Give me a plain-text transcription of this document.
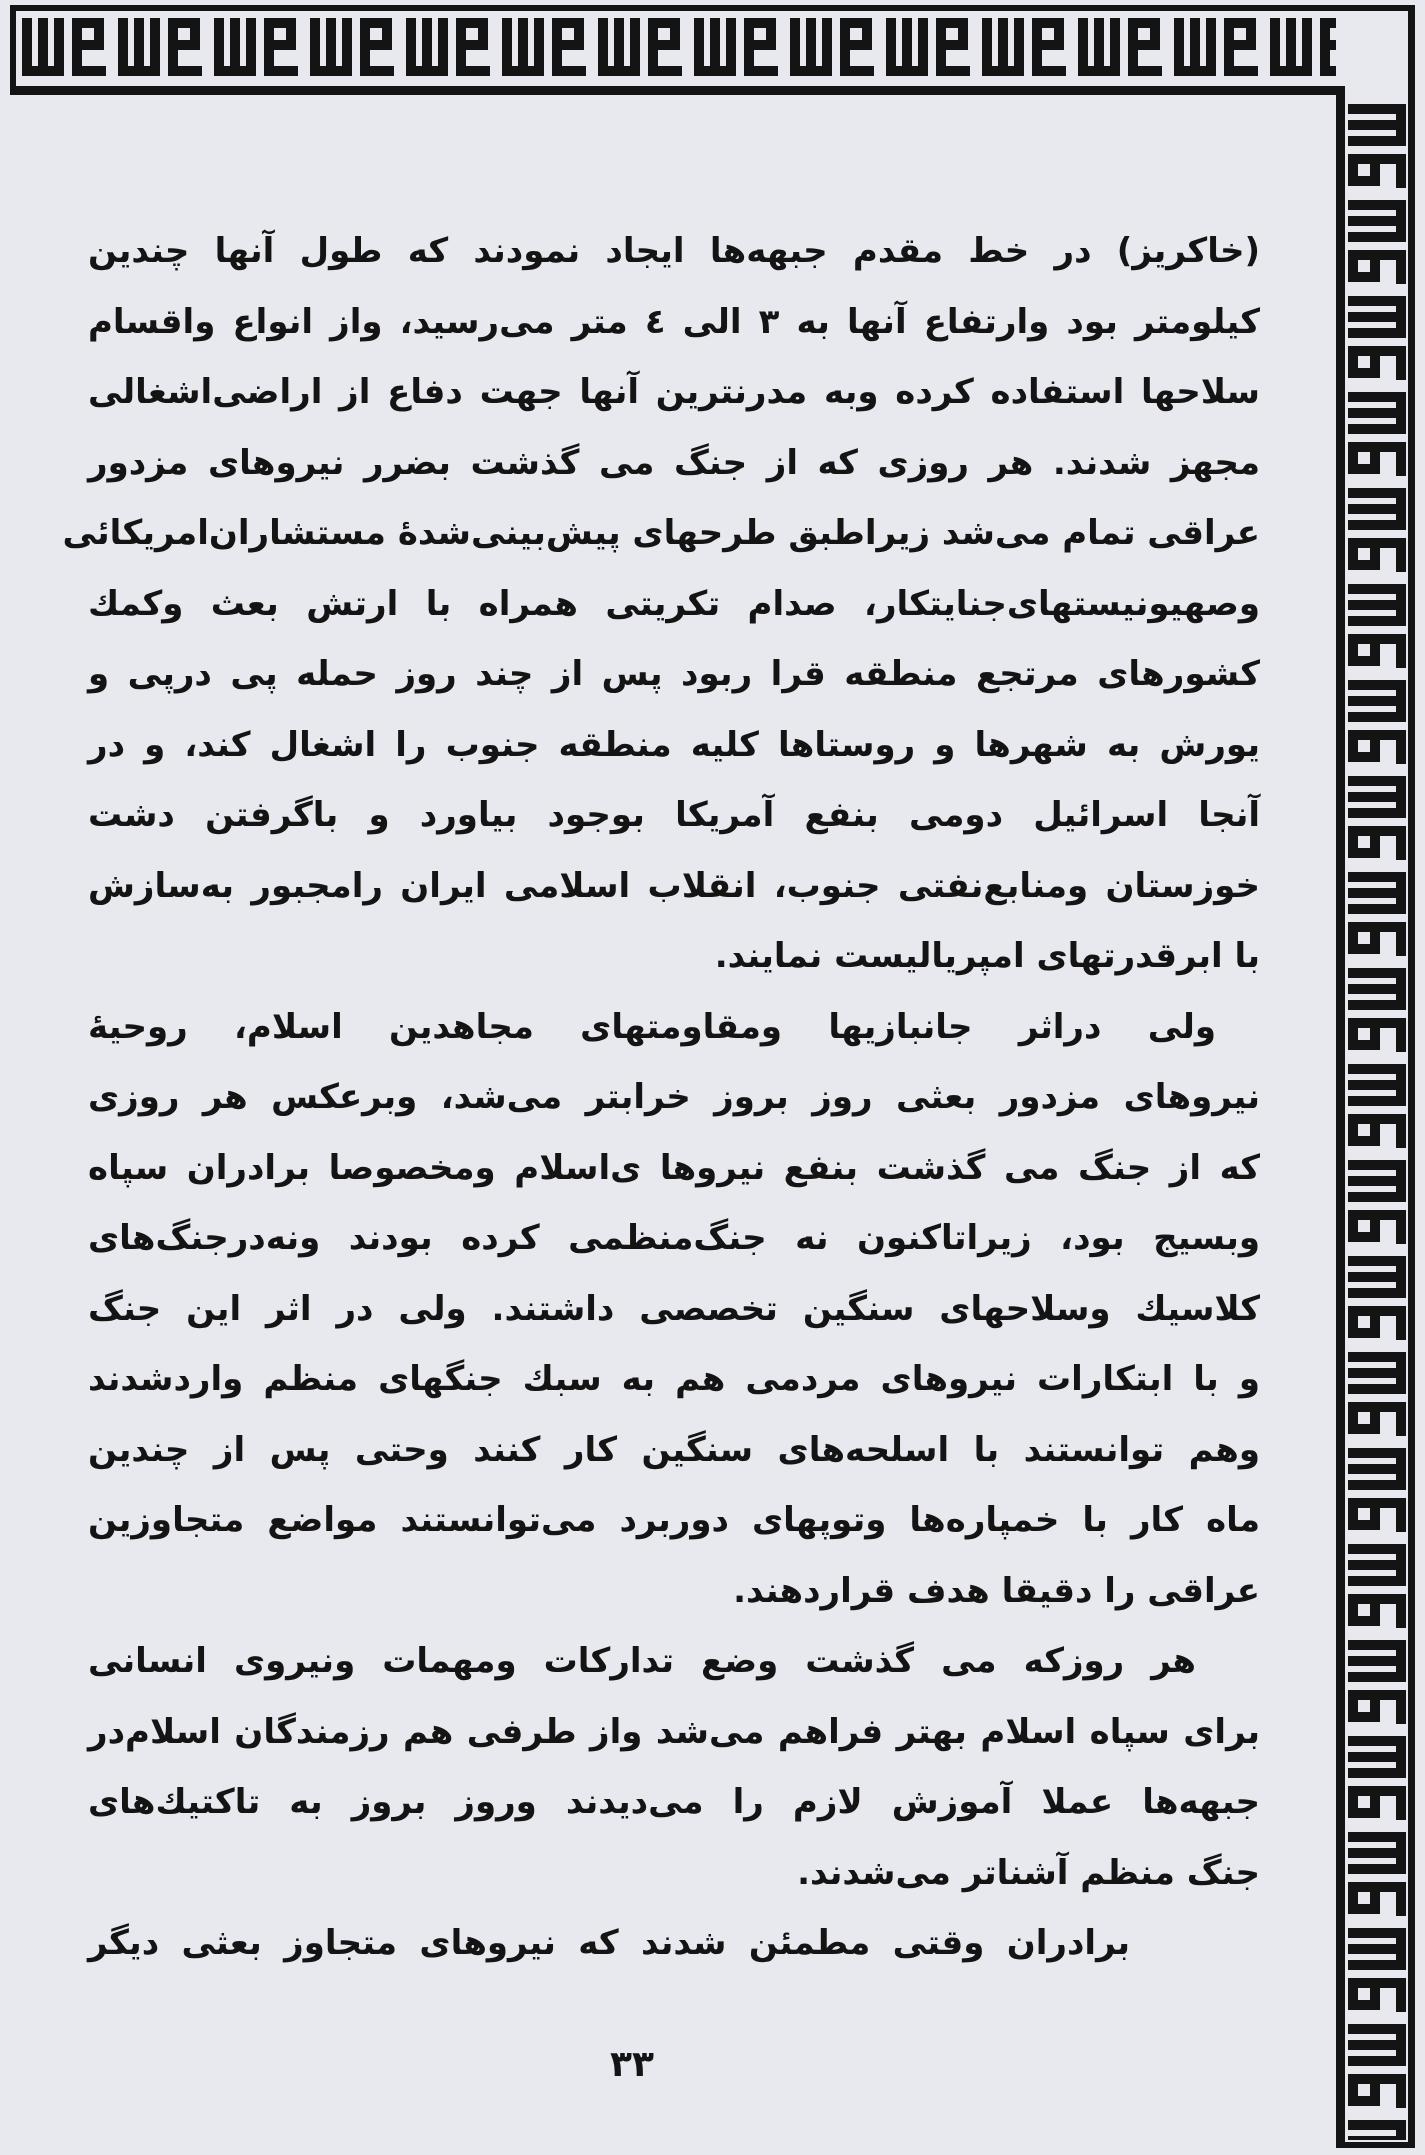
(خاکریز) در خط مقدم جبهه‌ها ایجاد نمودند که طول آنها چندین
کیلومتر بود وارتفاع آنها به ۳ الی ٤ متر می‌رسید، واز انواع واقسام
سلاحها استفاده کرده وبه مدرنترین آنها جهت دفاع از اراضی‌اشغالی
مجهز شدند. هر روزی که از جنگ می گذشت بضرر نیروهای مزدور
عراقی تمام می‌شد زیراطبق طرحهای پیش‌بینی‌شدهٔ مستشاران‌امریکائی
وصهیونیستهای‌جنایتکار، صدام تکریتی همراه با ارتش بعث وکمك
کشورهای مرتجع منطقه قرا ربود پس از چند روز حمله پی درپی و
یورش به شهرها و روستاها کلیه منطقه جنوب را اشغال کند، و در
آنجا اسرائیل دومی بنفع آمریکا بوجود بیاورد و باگرفتن دشت
خوزستان ومنابع‌نفتی جنوب، انقلاب اسلامی ایران رامجبور به‌سازش
با ابرقدرتهای امپریالیست نمایند.
ولی دراثر جانبازیها ومقاومتهای مجاهدین اسلام، روحیهٔ
نیروهای مزدور بعثی روز بروز خرابتر می‌شد، وبرعکس هر روزی
که از جنگ می گذشت بنفع نیروها ی‌اسلام ومخصوصا برادران سپاه
وبسیج بود، زیراتاکنون نه جنگ‌منظمی کرده بودند ونه‌درجنگ‌های
کلاسیك وسلاحهای سنگین تخصصی داشتند. ولی در اثر این جنگ
و با ابتکارات نیروهای مردمی هم به سبك جنگهای منظم واردشدند
وهم توانستند با اسلحه‌های سنگین کار کنند وحتی پس از چندین
ماه کار با خمپاره‌ها وتوپهای دوربرد می‌توانستند مواضع متجاوزین
عراقی را دقیقا هدف قراردهند.
هر روزکه می گذشت وضع تدارکات ومهمات ونیروی انسانی
برای سپاه اسلام بهتر فراهم می‌شد واز طرفی هم رزمندگان اسلام‌در
جبهه‌ها عملا آموزش لازم را می‌دیدند وروز بروز به تاکتیك‌های
جنگ منظم آشناتر می‌شدند.
برادران وقتی مطمئن شدند که نیروهای متجاوز بعثی دیگر
۳۳
